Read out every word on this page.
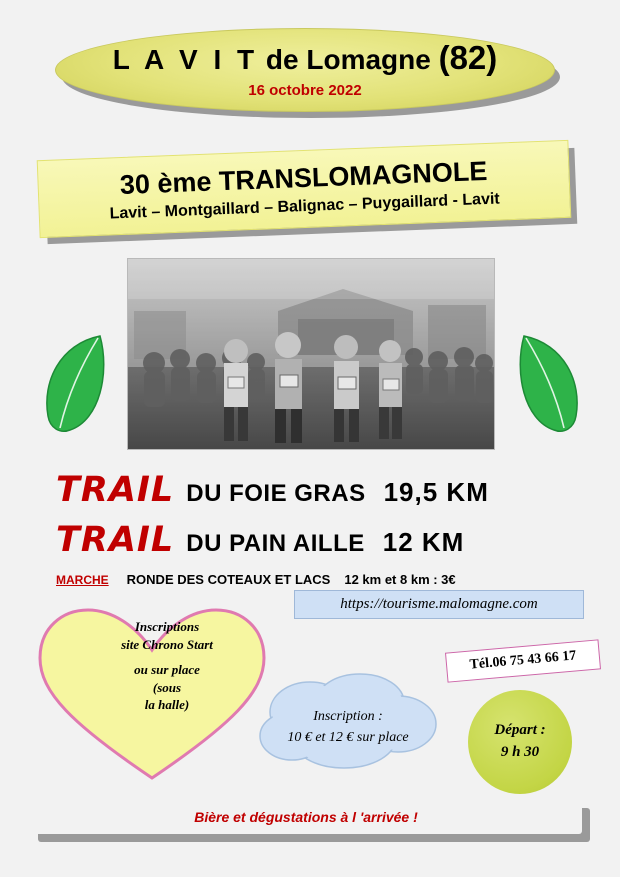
L A V I T de Lomagne (82)
16 octobre 2022
30 ème TRANSLOMAGNOLE
Lavit – Montgaillard – Balignac – Puygaillard - Lavit
TRAIL DU FOIE GRAS 19,5 KM
TRAIL DU PAIN AILLE 12 KM
MARCHE RONDE DES COTEAUX ET LACS 12 km et 8 km : 3€
https://tourisme.malomagne.com
Inscriptions
site Chrono Start
ou sur place
(sous
la halle)
Inscription :
10 € et 12 € sur place
Tél.06 75 43 66 17
Départ :
9 h 30
Bière et dégustations à l 'arrivée !
